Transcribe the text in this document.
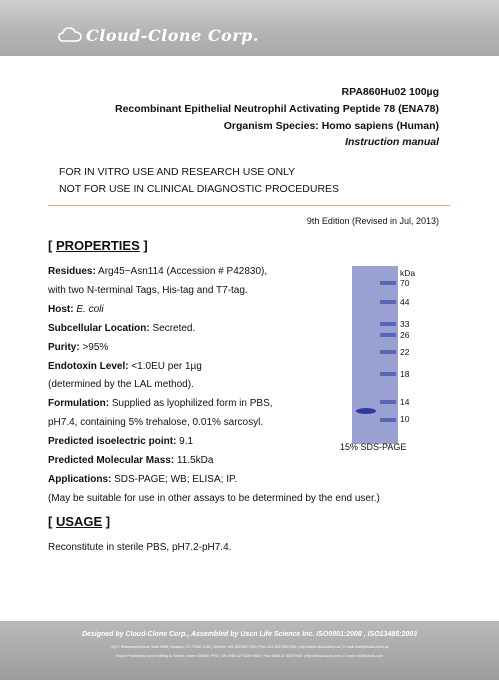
Cloud-Clone Corp.
RPA860Hu02 100µg
Recombinant Epithelial Neutrophil Activating Peptide 78 (ENA78)
Organism Species: Homo sapiens (Human)
Instruction manual
FOR IN VITRO USE AND RESEARCH USE ONLY
NOT FOR USE IN CLINICAL DIAGNOSTIC PROCEDURES
9th Edition (Revised in Jul, 2013)
[ PROPERTIES ]
Residues: Arg45~Asn114 (Accession # P42830),
with two N-terminal Tags, His-tag and T7-tag.
Host: E. coli
Subcellular Location: Secreted.
Purity: >95%
Endotoxin Level: <1.0EU per 1µg
(determined by the LAL method).
Formulation: Supplied as lyophilized form in PBS,
pH7.4, containing 5% trehalose, 0.01% sarcosyl.
Predicted isoelectric point: 9.1
Predicted Molecular Mass: 11.5kDa
Applications: SDS-PAGE; WB; ELISA; IP.
(May be suitable for use in other assays to be determined by the end user.)
kDa
70
44
33
26
22
18
14
10
15% SDS-PAGE
[ USAGE ]
Reconstitute in sterile PBS, pH7.2-pH7.4.
Designed by Cloud-Clone Corp., Assembled by Uscn Life Science Inc. ISO9001:2008 , ISO13485:2003
HQTI, Richmond Avenue Suite 9058, Houston, TX 77082, USA | Toll free: 001 800 562 7425 | Fax: 001 832 538 0384 | http://www.cloud-clone.us | E-mail: mail@cloud-clone.us
Export Processing Zone Building 8, Wuhan, Hubei 430056, PRC | Tel: 0086 027 8455 9087 | Fax: 0086 27 8425 9551 | http://www.uscnk.com | E-mail: mail@uscnk.com
